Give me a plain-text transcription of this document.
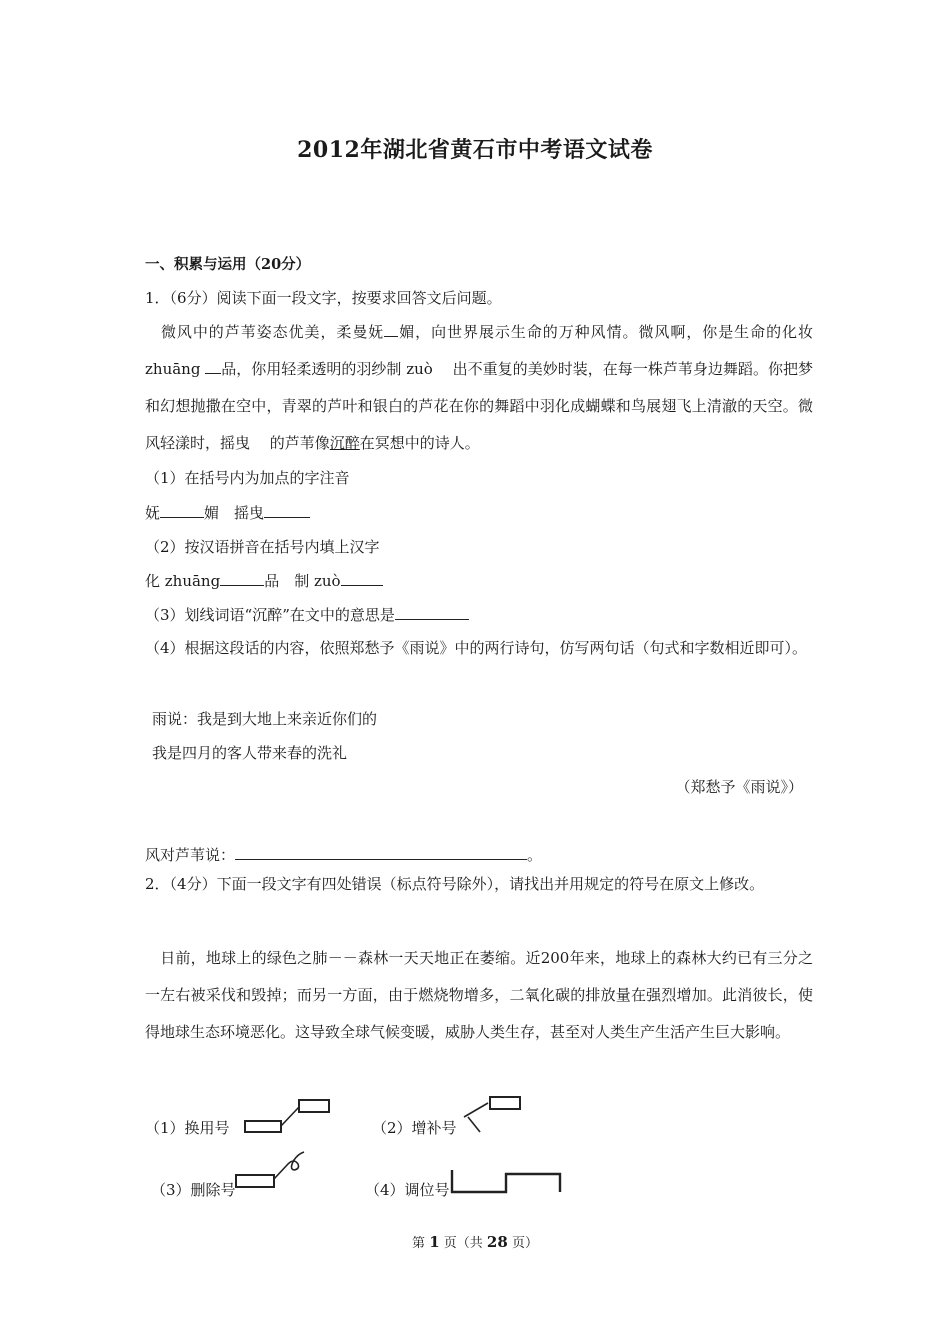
2012年湖北省黄石市中考语文试卷
一、积累与运用（20分）
1．（6分）阅读下面一段文字，按要求回答文后问题。
　微风中的芦苇姿态优美，柔曼妩 媚，向世界展示生命的万种风情。微风啊，你是生命的化妆 zhuāng 品，你用轻柔透明的羽纱制 zuò　 出不重复的美妙时装，在每一株芦苇身边舞蹈。你把梦和幻想抛撒在空中，青翠的芦叶和银白的芦花在你的舞蹈中羽化成蝴蝶和鸟展翅飞上清澈的天空。微风轻漾时，摇曳　 的芦苇像沉醉在冥想中的诗人。
（1）在括号内为加点的字注音
妩	媚　摇曳
（2）按汉语拼音在括号内填上汉字
化 zhuāng	品　制 zuò
（3）划线词语“沉醉”在文中的意思是
（4）根据这段话的内容，依照郑愁予《雨说》中的两行诗句，仿写两句话（句式和字数相近即可）。
雨说：我是到大地上来亲近你们的
我是四月的客人带来春的洗礼
（郑愁予《雨说》）
风对芦苇说：	。
2．（4分）下面一段文字有四处错误（标点符号除外），请找出并用规定的符号在原文上修改。
　日前，地球上的绿色之肺－－森林一天天地正在萎缩。近200年来，地球上的森林大约已有三分之一左右被采伐和毁掉；而另一方面，由于燃烧物增多，二氧化碳的排放量在强烈增加。此消彼长，使得地球生态环境恶化。这导致全球气候变暖，威胁人类生存，甚至对人类生产生活产生巨大影响。
（1）换用号	（2）增补号
（3）删除号	（4）调位号
第 1 页（共 28 页）
